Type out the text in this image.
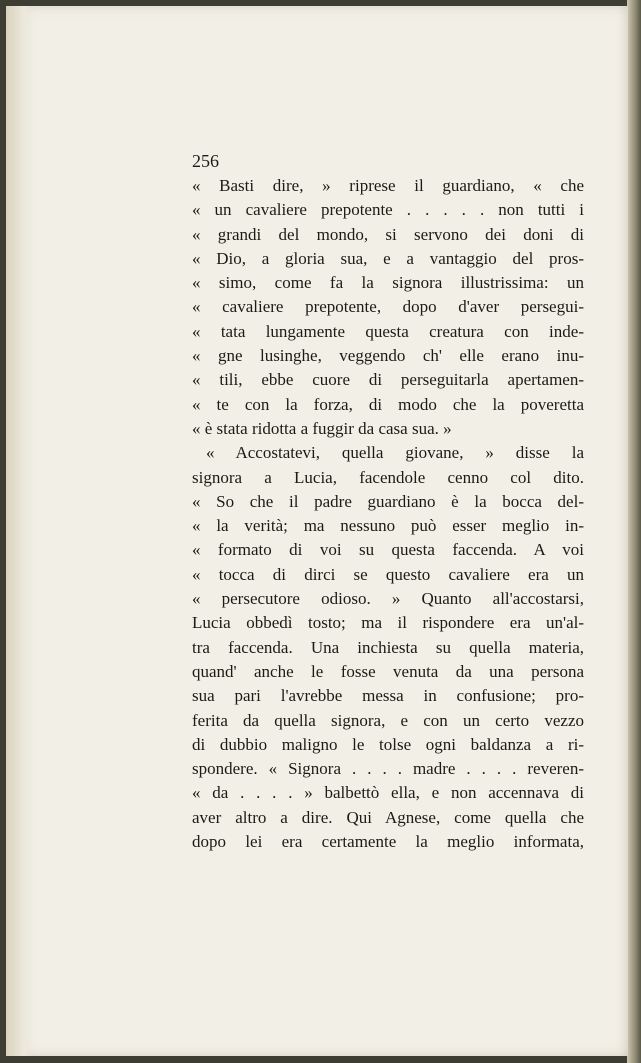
256
« Basti dire, » riprese il guardiano, « che
« un cavaliere prepotente . . . . . non tutti i
« grandi del mondo, si servono dei doni di
« Dio, a gloria sua, e a vantaggio del pros-
« simo, come fa la signora illustrissima: un
« cavaliere prepotente, dopo d'aver persegui-
« tata lungamente questa creatura con inde-
« gne lusinghe, veggendo ch' elle erano inu-
« tili, ebbe cuore di perseguitarla apertamen-
« te con la forza, di modo che la poveretta
« è stata ridotta a fuggir da casa sua. »
« Accostatevi, quella giovane, » disse la
signora a Lucia, facendole cenno col dito.
« So che il padre guardiano è la bocca del-
« la verità; ma nessuno può esser meglio in-
« formato di voi su questa faccenda. A voi
« tocca di dirci se questo cavaliere era un
« persecutore odioso. » Quanto all'accostarsi,
Lucia obbedì tosto; ma il rispondere era un'al-
tra faccenda. Una inchiesta su quella materia,
quand' anche le fosse venuta da una persona
sua pari l'avrebbe messa in confusione; pro-
ferita da quella signora, e con un certo vezzo
di dubbio maligno le tolse ogni baldanza a ri-
spondere. « Signora . . . . madre . . . . reveren-
« da . . . . » balbettò ella, e non accennava di
aver altro a dire. Qui Agnese, come quella che
dopo lei era certamente la meglio informata,
